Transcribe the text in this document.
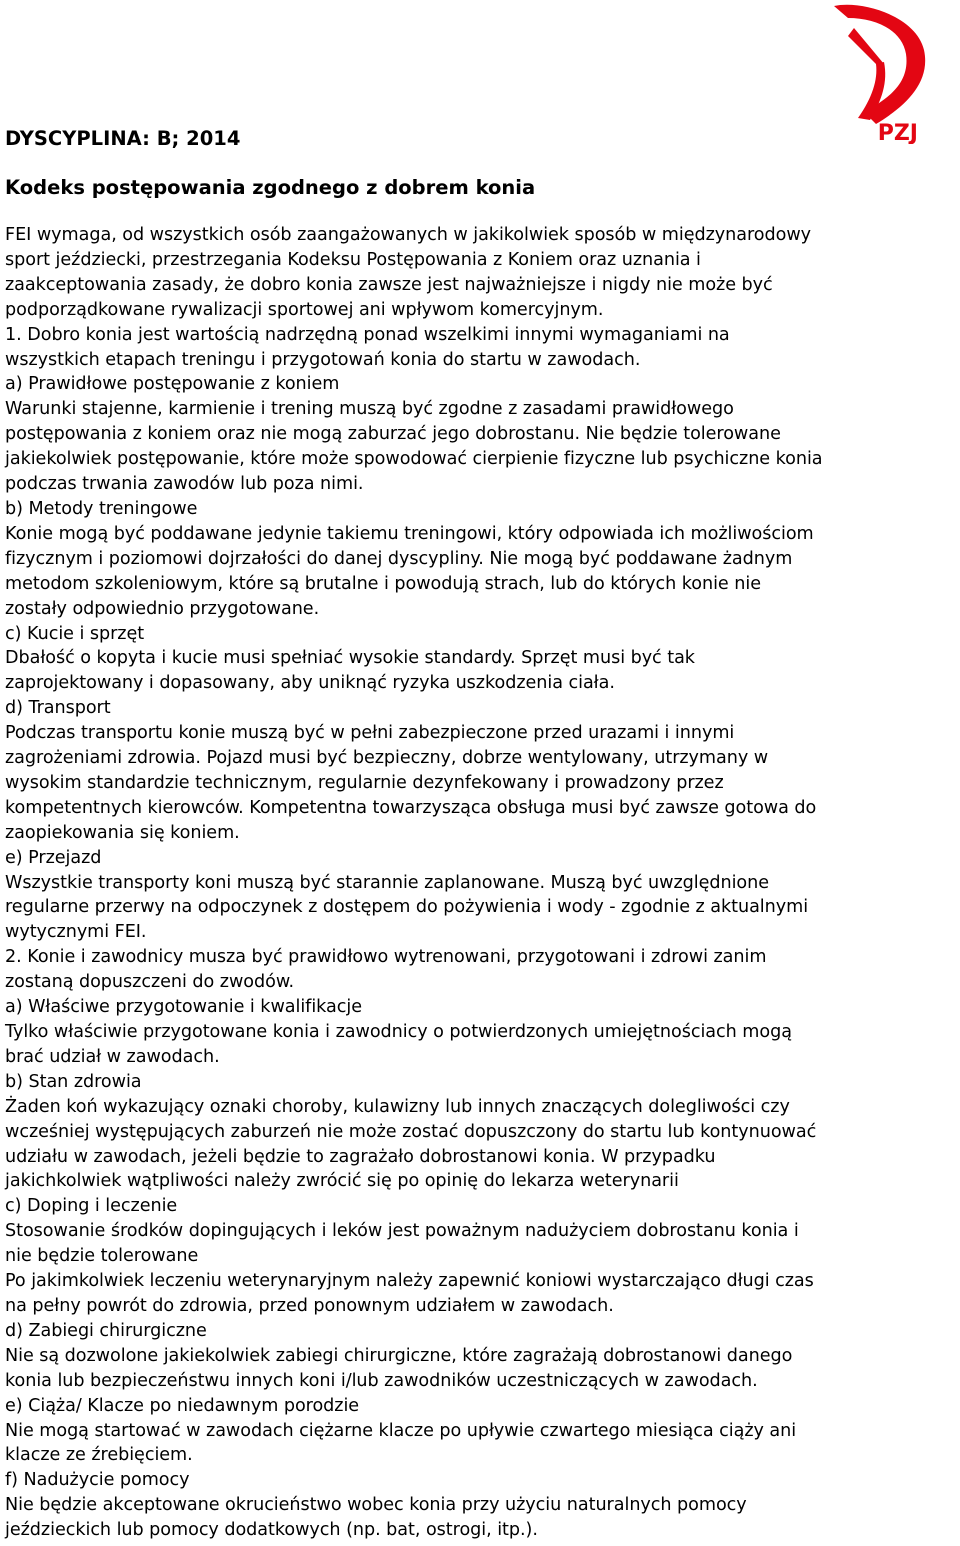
PZJ
DYSCYPLINA: B; 2014
Kodeks postępowania zgodnego z dobrem konia

FEI wymaga, od wszystkich osób zaangażowanych w jakikolwiek sposób w międzynarodowy

sport jeździecki, przestrzegania Kodeksu Postępowania z Koniem oraz uznania i

zaakceptowania zasady, że dobro konia zawsze jest najważniejsze i nigdy nie może być

podporządkowane rywalizacji sportowej ani wpływom komercyjnym.

1. Dobro konia jest wartością nadrzędną ponad wszelkimi innymi wymaganiami na

wszystkich etapach treningu i przygotowań konia do startu w zawodach.

a) Prawidłowe postępowanie z koniem

Warunki stajenne, karmienie i trening muszą być zgodne z zasadami prawidłowego

postępowania z koniem oraz nie mogą zaburzać jego dobrostanu. Nie będzie tolerowane

jakiekolwiek postępowanie, które może spowodować cierpienie fizyczne lub psychiczne konia

podczas trwania zawodów lub poza nimi.

b) Metody treningowe

Konie mogą być poddawane jedynie takiemu treningowi, który odpowiada ich możliwościom

fizycznym i poziomowi dojrzałości do danej dyscypliny. Nie mogą być poddawane żadnym

metodom szkoleniowym, które są brutalne i powodują strach, lub do których konie nie

zostały odpowiednio przygotowane.

c) Kucie i sprzęt

Dbałość o kopyta i kucie musi spełniać wysokie standardy. Sprzęt musi być tak

zaprojektowany i dopasowany, aby uniknąć ryzyka uszkodzenia ciała.

d) Transport

Podczas transportu konie muszą być w pełni zabezpieczone przed urazami i innymi

zagrożeniami zdrowia. Pojazd musi być bezpieczny, dobrze wentylowany, utrzymany w

wysokim standardzie technicznym, regularnie dezynfekowany i prowadzony przez

kompetentnych kierowców. Kompetentna towarzysząca obsługa musi być zawsze gotowa do

zaopiekowania się koniem.

e) Przejazd

Wszystkie transporty koni muszą być starannie zaplanowane. Muszą być uwzględnione

regularne przerwy na odpoczynek z dostępem do pożywienia i wody - zgodnie z aktualnymi

wytycznymi FEI.

2. Konie i zawodnicy musza być prawidłowo wytrenowani, przygotowani i zdrowi zanim

zostaną dopuszczeni do zwodów.

a) Właściwe przygotowanie i kwalifikacje

Tylko właściwie przygotowane konia i zawodnicy o potwierdzonych umiejętnościach mogą

brać udział w zawodach.

b) Stan zdrowia

Żaden koń wykazujący oznaki choroby, kulawizny lub innych znaczących dolegliwości czy

wcześniej występujących zaburzeń nie może zostać dopuszczony do startu lub kontynuować

udziału w zawodach, jeżeli będzie to zagrażało dobrostanowi konia. W przypadku

jakichkolwiek wątpliwości należy zwrócić się po opinię do lekarza weterynarii

c) Doping i leczenie

Stosowanie środków dopingujących i leków jest poważnym nadużyciem dobrostanu konia i

nie będzie tolerowane

Po jakimkolwiek leczeniu weterynaryjnym należy zapewnić koniowi wystarczająco długi czas

na pełny powrót do zdrowia, przed ponownym udziałem w zawodach.

d) Zabiegi chirurgiczne

Nie są dozwolone jakiekolwiek zabiegi chirurgiczne, które zagrażają dobrostanowi danego

konia lub bezpieczeństwu innych koni i/lub zawodników uczestniczących w zawodach.

e) Ciąża/ Klacze po niedawnym porodzie

Nie mogą startować w zawodach ciężarne klacze po upływie czwartego miesiąca ciąży ani

klacze ze źrebięciem.

f) Nadużycie pomocy

Nie będzie akceptowane okrucieństwo wobec konia przy użyciu naturalnych pomocy

jeździeckich lub pomocy dodatkowych (np. bat, ostrogi, itp.).
